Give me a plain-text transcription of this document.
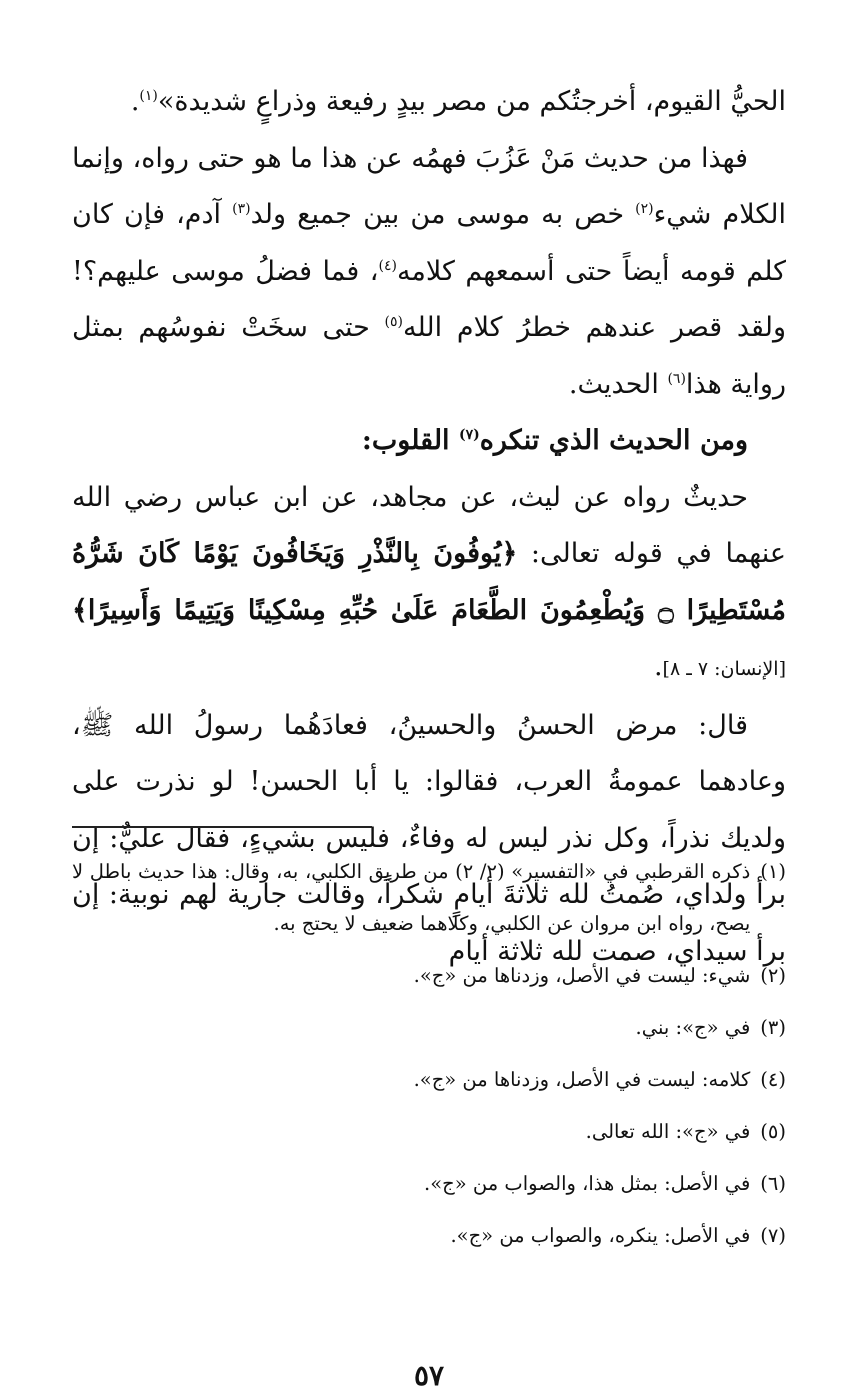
الحيُّ القيوم، أخرجتُكم من مصر بيدٍ رفيعة وذراعٍ شديدة»$^{(١)}$.

فهذا من حديث مَنْ عَزُبَ فهمُه عن هذا ما هو حتى رواه، وإنما الكلام شيء$^{(٢)}$ خص به موسى من بين جميع ولد$^{(٣)}$ آدم، فإن كان كلم قومه أيضاً حتى أسمعهم كلامه$^{(٤)}$، فما فضلُ موسى عليهم؟! ولقد قصر عندهم خطرُ كلام الله$^{(٥)}$ حتى سخَتْ نفوسُهم بمثل رواية هذا$^{(٦)}$ الحديث.

ومن الحديث الذي تنكره$^{(٧)}$ القلوب:

حديثٌ رواه عن ليث، عن مجاهد، عن ابن عباس رضي الله عنهما في قوله تعالى: ﴿يُوفُونَ بِالنَّذْرِ وَيَخَافُونَ يَوْمًا كَانَ شَرُّهُ مُسْتَطِيرًا ۝ وَيُطْعِمُونَ الطَّعَامَ عَلَىٰ حُبِّهِ مِسْكِينًا وَيَتِيمًا وَأَسِيرًا﴾[الإنسان: ٧ ـ ٨].

قال: مرض الحسنُ والحسينُ، فعادَهُما رسولُ الله ﷺ، وعادهما عمومةُ العرب، فقالوا: يا أبا الحسن! لو نذرت على ولديك نذراً، وكل نذر ليس له وفاءٌ، فليس بشيءٍ، فقال عليٌّ: إن برأ ولداي، صُمتُ لله ثلاثةَ أيامٍ شكراً، وقالت جارية لهم نوبية: إن برأ سيداي، صمت لله ثلاثة أيام

(١)
ذكره القرطبي في «التفسير» (٢/ ٢) من طريق الكلبي، به، وقال: هذا حديث باطل لا يصح، رواه ابن مروان عن الكلبي، وكلاهما ضعيف لا يحتج به.
(٢)
شيء: ليست في الأصل، وزدناها من «ج».
(٣)
في «ج»: بني.
(٤)
كلامه: ليست في الأصل، وزدناها من «ج».
(٥)
في «ج»: الله تعالى.
(٦)
في الأصل: بمثل هذا، والصواب من «ج».
(٧)
في الأصل: ينكره، والصواب من «ج».
٥٧
